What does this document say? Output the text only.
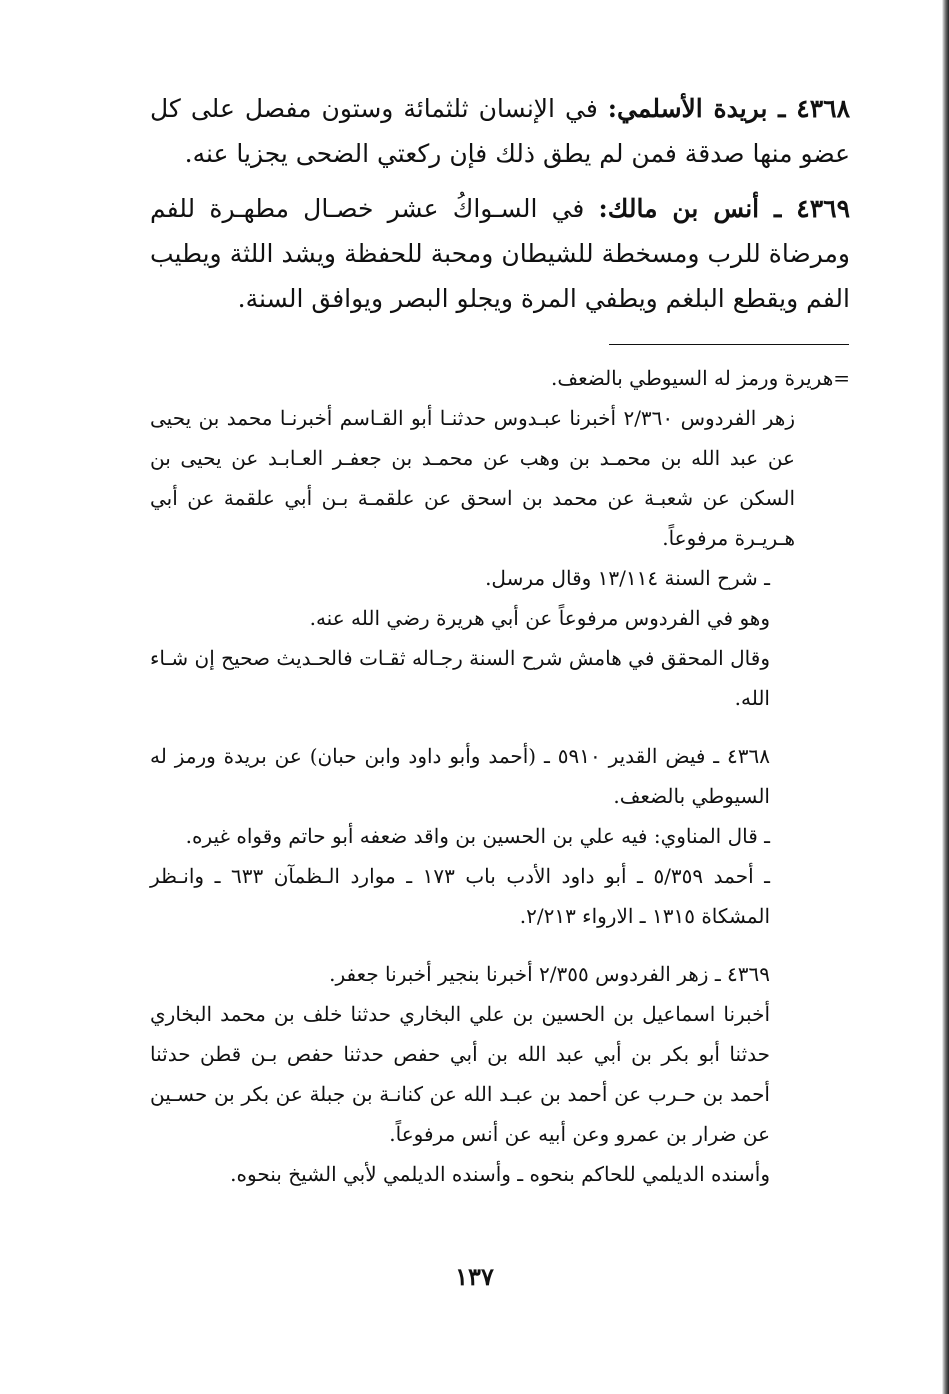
٤٣٦٨ ـ بريدة الأسلمي: في الإنسان ثلثمائة وستون مفصل على كل عضو منها صدقة فمن لم يطق ذلك فإن ركعتي الضحى يجزيا عنه.

٤٣٦٩ ـ أنس بن مالك: في السـواكُ عشر خصـال مطهـرة للفم ومرضاة للرب ومسخطة للشيطان ومحبة للحفظة ويشد اللثة ويطيب الفم ويقطع البلغم ويطفي المرة ويجلو البصر ويوافق السنة.

=هريرة ورمز له السيوطي بالضعف.

زهر الفردوس ٢/٣٦٠ أخبرنا عبـدوس حدثنـا أبو القـاسم أخبرنـا محمد بن يحيى عن عبد الله بن محمـد بن وهب عن محمـد بن جعفـر العـابـد عن يحيى بن السكن عن شعبـة عن محمد بن اسحق عن علقمـة بـن أبي علقمة عن أبي هـريـرة مرفوعاً.

ـ شرح السنة ١٣/١١٤ وقال مرسل.

وهو في الفردوس مرفوعاً عن أبي هريرة رضي الله عنه.

وقال المحقق في هامش شرح السنة رجـاله ثقـات فالحـديث صحيح إن شـاء الله.

٤٣٦٨ ـ فيض القدير ٥٩١٠ ـ (أحمد وأبو داود وابن حبان) عن بريدة ورمز له السيوطي بالضعف.

ـ قال المناوي: فيه علي بن الحسين بن واقد ضعفه أبو حاتم وقواه غيره.

ـ أحمد ٥/٣٥٩ ـ أبو داود الأدب باب ١٧٣ ـ موارد الـظمآن ٦٣٣ ـ وانـظر المشكاة ١٣١٥ ـ الارواء ٢/٢١٣.

٤٣٦٩ ـ زهر الفردوس ٢/٣٥٥ أخبرنا بنجير أخبرنا جعفر.

أخبرنا اسماعيل بن الحسين بن علي البخاري حدثنا خلف بن محمد البخاري حدثنا أبو بكر بن أبي عبد الله بن أبي حفص حدثنا حفص بـن قطن حدثنا أحمد بن حـرب عن أحمد بن عبـد الله عن كنانـة بن جبلة عن بكر بن حسـين عن ضرار بن عمرو وعن أبيه عن أنس مرفوعاً.

وأسنده الديلمي للحاكم بنحوه ـ وأسنده الديلمي لأبي الشيخ بنحوه.

١٣٧
